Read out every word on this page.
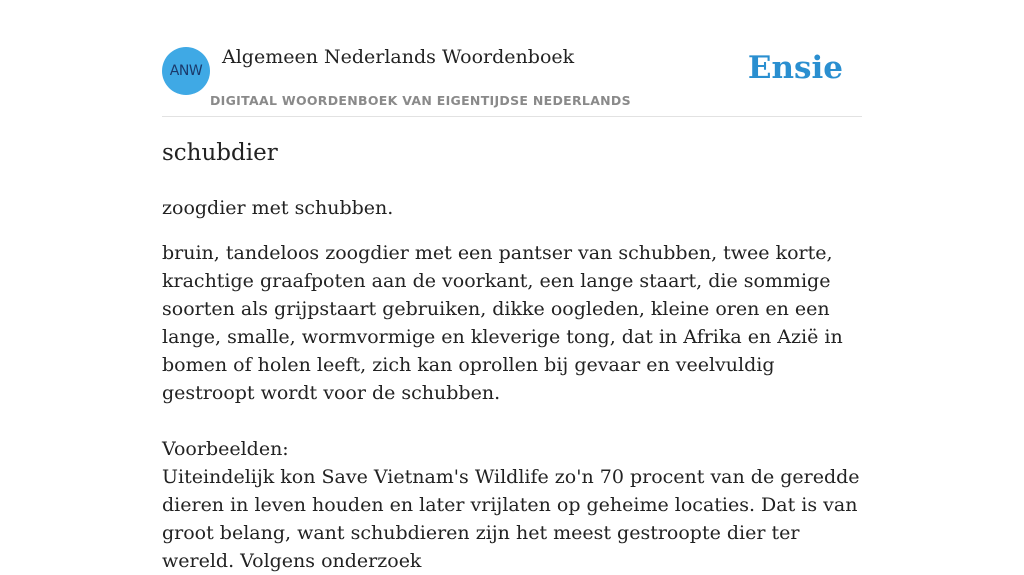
ANW
Algemeen Nederlands Woordenboek
DIGITAAL WOORDENBOEK VAN EIGENTIJDSE NEDERLANDS
Ensie
schubdier
zoogdier met schubben.

bruin, tandeloos zoogdier met een pantser van schubben, twee korte, krachtige graafpoten aan de voorkant, een lange staart, die sommige soorten als grijpstaart gebruiken, dikke oogleden, kleine oren en een lange, smalle, wormvormige en kleverige tong, dat in Afrika en Azië in bomen of holen leeft, zich kan oprollen bij gevaar en veelvuldig gestroopt wordt voor de schubben.

Voorbeelden:

Uiteindelijk kon Save Vietnam's Wildlife zo'n 70 procent van de geredde dieren in leven houden en later vrijlaten op geheime locaties. Dat is van groot belang, want schubdieren zijn het meest gestroopte dier ter wereld. Volgens onderzoek
